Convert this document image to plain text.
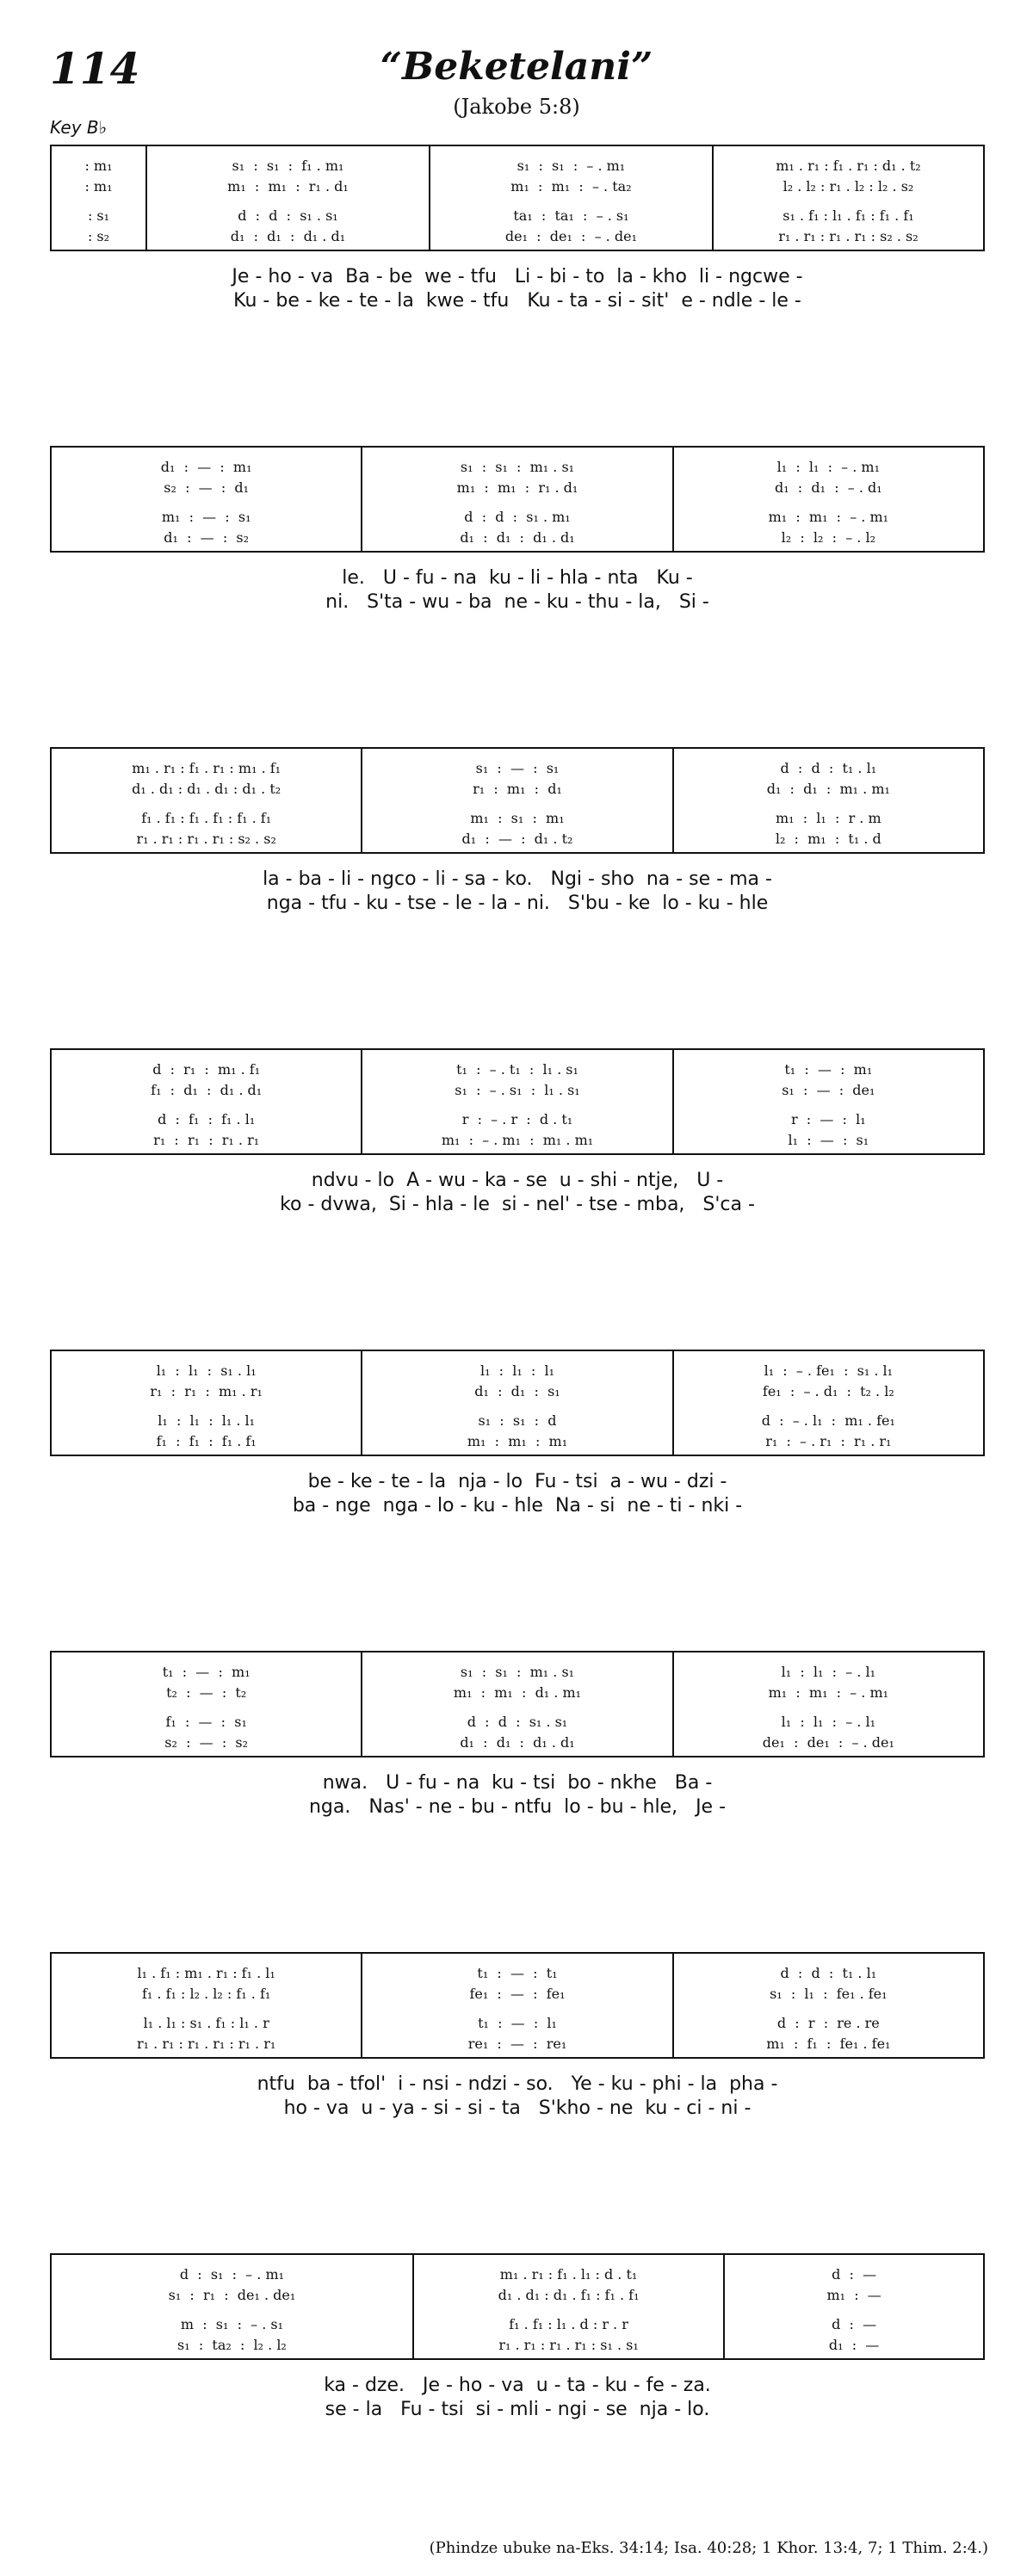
114	“Beketelani”
(Jakobe 5:8)
Key B♭
: m₁
: m₁
: s₁
: s₂
s₁  :  s₁  :  f₁ . m₁
m₁  :  m₁  :  r₁ . d₁
d  :  d  :  s₁ . s₁
d₁  :  d₁  :  d₁ . d₁
s₁  :  s₁  :  – . m₁
m₁  :  m₁  :  – . ta₂
ta₁  :  ta₁  :  – . s₁
de₁  :  de₁  :  – . de₁
m₁ . r₁ : f₁ . r₁ : d₁ . t₂
l₂ . l₂ : r₁ . l₂ : l₂ . s₂
s₁ . f₁ : l₁ . f₁ : f₁ . f₁
r₁ . r₁ : r₁ . r₁ : s₂ . s₂
Je - ho - va  Ba - be  we - tfu   Li - bi - to  la - kho  li - ngcwe -
Ku - be - ke - te - la  kwe - tfu   Ku - ta - si - sit'  e - ndle - le -
d₁  :  —  :  m₁
s₂  :  —  :  d₁
m₁  :  —  :  s₁
d₁  :  —  :  s₂
s₁  :  s₁  :  m₁ . s₁
m₁  :  m₁  :  r₁ . d₁
d  :  d  :  s₁ . m₁
d₁  :  d₁  :  d₁ . d₁
l₁  :  l₁  :  – . m₁
d₁  :  d₁  :  – . d₁
m₁  :  m₁  :  – . m₁
l₂  :  l₂  :  – . l₂
le.   U - fu - na  ku - li - hla - nta   Ku -
ni.   S'ta - wu - ba  ne - ku - thu - la,   Si -
m₁ . r₁ : f₁ . r₁ : m₁ . f₁
d₁ . d₁ : d₁ . d₁ : d₁ . t₂
f₁ . f₁ : f₁ . f₁ : f₁ . f₁
r₁ . r₁ : r₁ . r₁ : s₂ . s₂
s₁  :  —  :  s₁
r₁  :  m₁  :  d₁
m₁  :  s₁  :  m₁
d₁  :  —  :  d₁ . t₂
d  :  d  :  t₁ . l₁
d₁  :  d₁  :  m₁ . m₁
m₁  :  l₁  :  r . m
l₂  :  m₁  :  t₁ . d
la - ba - li - ngco - li - sa - ko.   Ngi - sho  na - se - ma -
nga - tfu - ku - tse - le - la - ni.   S'bu - ke  lo - ku - hle
d  :  r₁  :  m₁ . f₁
f₁  :  d₁  :  d₁ . d₁
d  :  f₁  :  f₁ . l₁
r₁  :  r₁  :  r₁ . r₁
t₁  :  – . t₁  :  l₁ . s₁
s₁  :  – . s₁  :  l₁ . s₁
r  :  – . r  :  d . t₁
m₁  :  – . m₁  :  m₁ . m₁
t₁  :  —  :  m₁
s₁  :  —  :  de₁
r  :  —  :  l₁
l₁  :  —  :  s₁
ndvu - lo  A - wu - ka - se  u - shi - ntje,   U -
ko - dvwa,  Si - hla - le  si - nel' - tse - mba,   S'ca -
l₁  :  l₁  :  s₁ . l₁
r₁  :  r₁  :  m₁ . r₁
l₁  :  l₁  :  l₁ . l₁
f₁  :  f₁  :  f₁ . f₁
l₁  :  l₁  :  l₁
d₁  :  d₁  :  s₁
s₁  :  s₁  :  d
m₁  :  m₁  :  m₁
l₁  :  – . fe₁  :  s₁ . l₁
fe₁  :  – . d₁  :  t₂ . l₂
d  :  – . l₁  :  m₁ . fe₁
r₁  :  – . r₁  :  r₁ . r₁
be - ke - te - la  nja - lo  Fu - tsi  a - wu - dzi -
ba - nge  nga - lo - ku - hle  Na - si  ne - ti - nki -
t₁  :  —  :  m₁
t₂  :  —  :  t₂
f₁  :  —  :  s₁
s₂  :  —  :  s₂
s₁  :  s₁  :  m₁ . s₁
m₁  :  m₁  :  d₁ . m₁
d  :  d  :  s₁ . s₁
d₁  :  d₁  :  d₁ . d₁
l₁  :  l₁  :  – . l₁
m₁  :  m₁  :  – . m₁
l₁  :  l₁  :  – . l₁
de₁  :  de₁  :  – . de₁
nwa.   U - fu - na  ku - tsi  bo - nkhe   Ba -
nga.   Nas' - ne - bu - ntfu  lo - bu - hle,   Je -
l₁ . f₁ : m₁ . r₁ : f₁ . l₁
f₁ . f₁ : l₂ . l₂ : f₁ . f₁
l₁ . l₁ : s₁ . f₁ : l₁ . r
r₁ . r₁ : r₁ . r₁ : r₁ . r₁
t₁  :  —  :  t₁
fe₁  :  —  :  fe₁
t₁  :  —  :  l₁
re₁  :  —  :  re₁
d  :  d  :  t₁ . l₁
s₁  :  l₁  :  fe₁ . fe₁
d  :  r  :  re . re
m₁  :  f₁  :  fe₁ . fe₁
ntfu  ba - tfol'  i - nsi - ndzi - so.   Ye - ku - phi - la  pha -
ho - va  u - ya - si - si - ta   S'kho - ne  ku - ci - ni -
d  :  s₁  :  – . m₁
s₁  :  r₁  :  de₁ . de₁
m  :  s₁  :  – . s₁
s₁  :  ta₂  :  l₂ . l₂
m₁ . r₁ : f₁ . l₁ : d . t₁
d₁ . d₁ : d₁ . f₁ : f₁ . f₁
f₁ . f₁ : l₁ . d : r . r
r₁ . r₁ : r₁ . r₁ : s₁ . s₁
d  :  —
m₁  :  —
d  :  —
d₁  :  —
ka - dze.   Je - ho - va  u - ta - ku - fe - za.
se - la   Fu - tsi  si - mli - ngi - se  nja - lo.
(Phindze ubuke na-Eks. 34:14; Isa. 40:28; 1 Khor. 13:4, 7; 1 Thim. 2:4.)
